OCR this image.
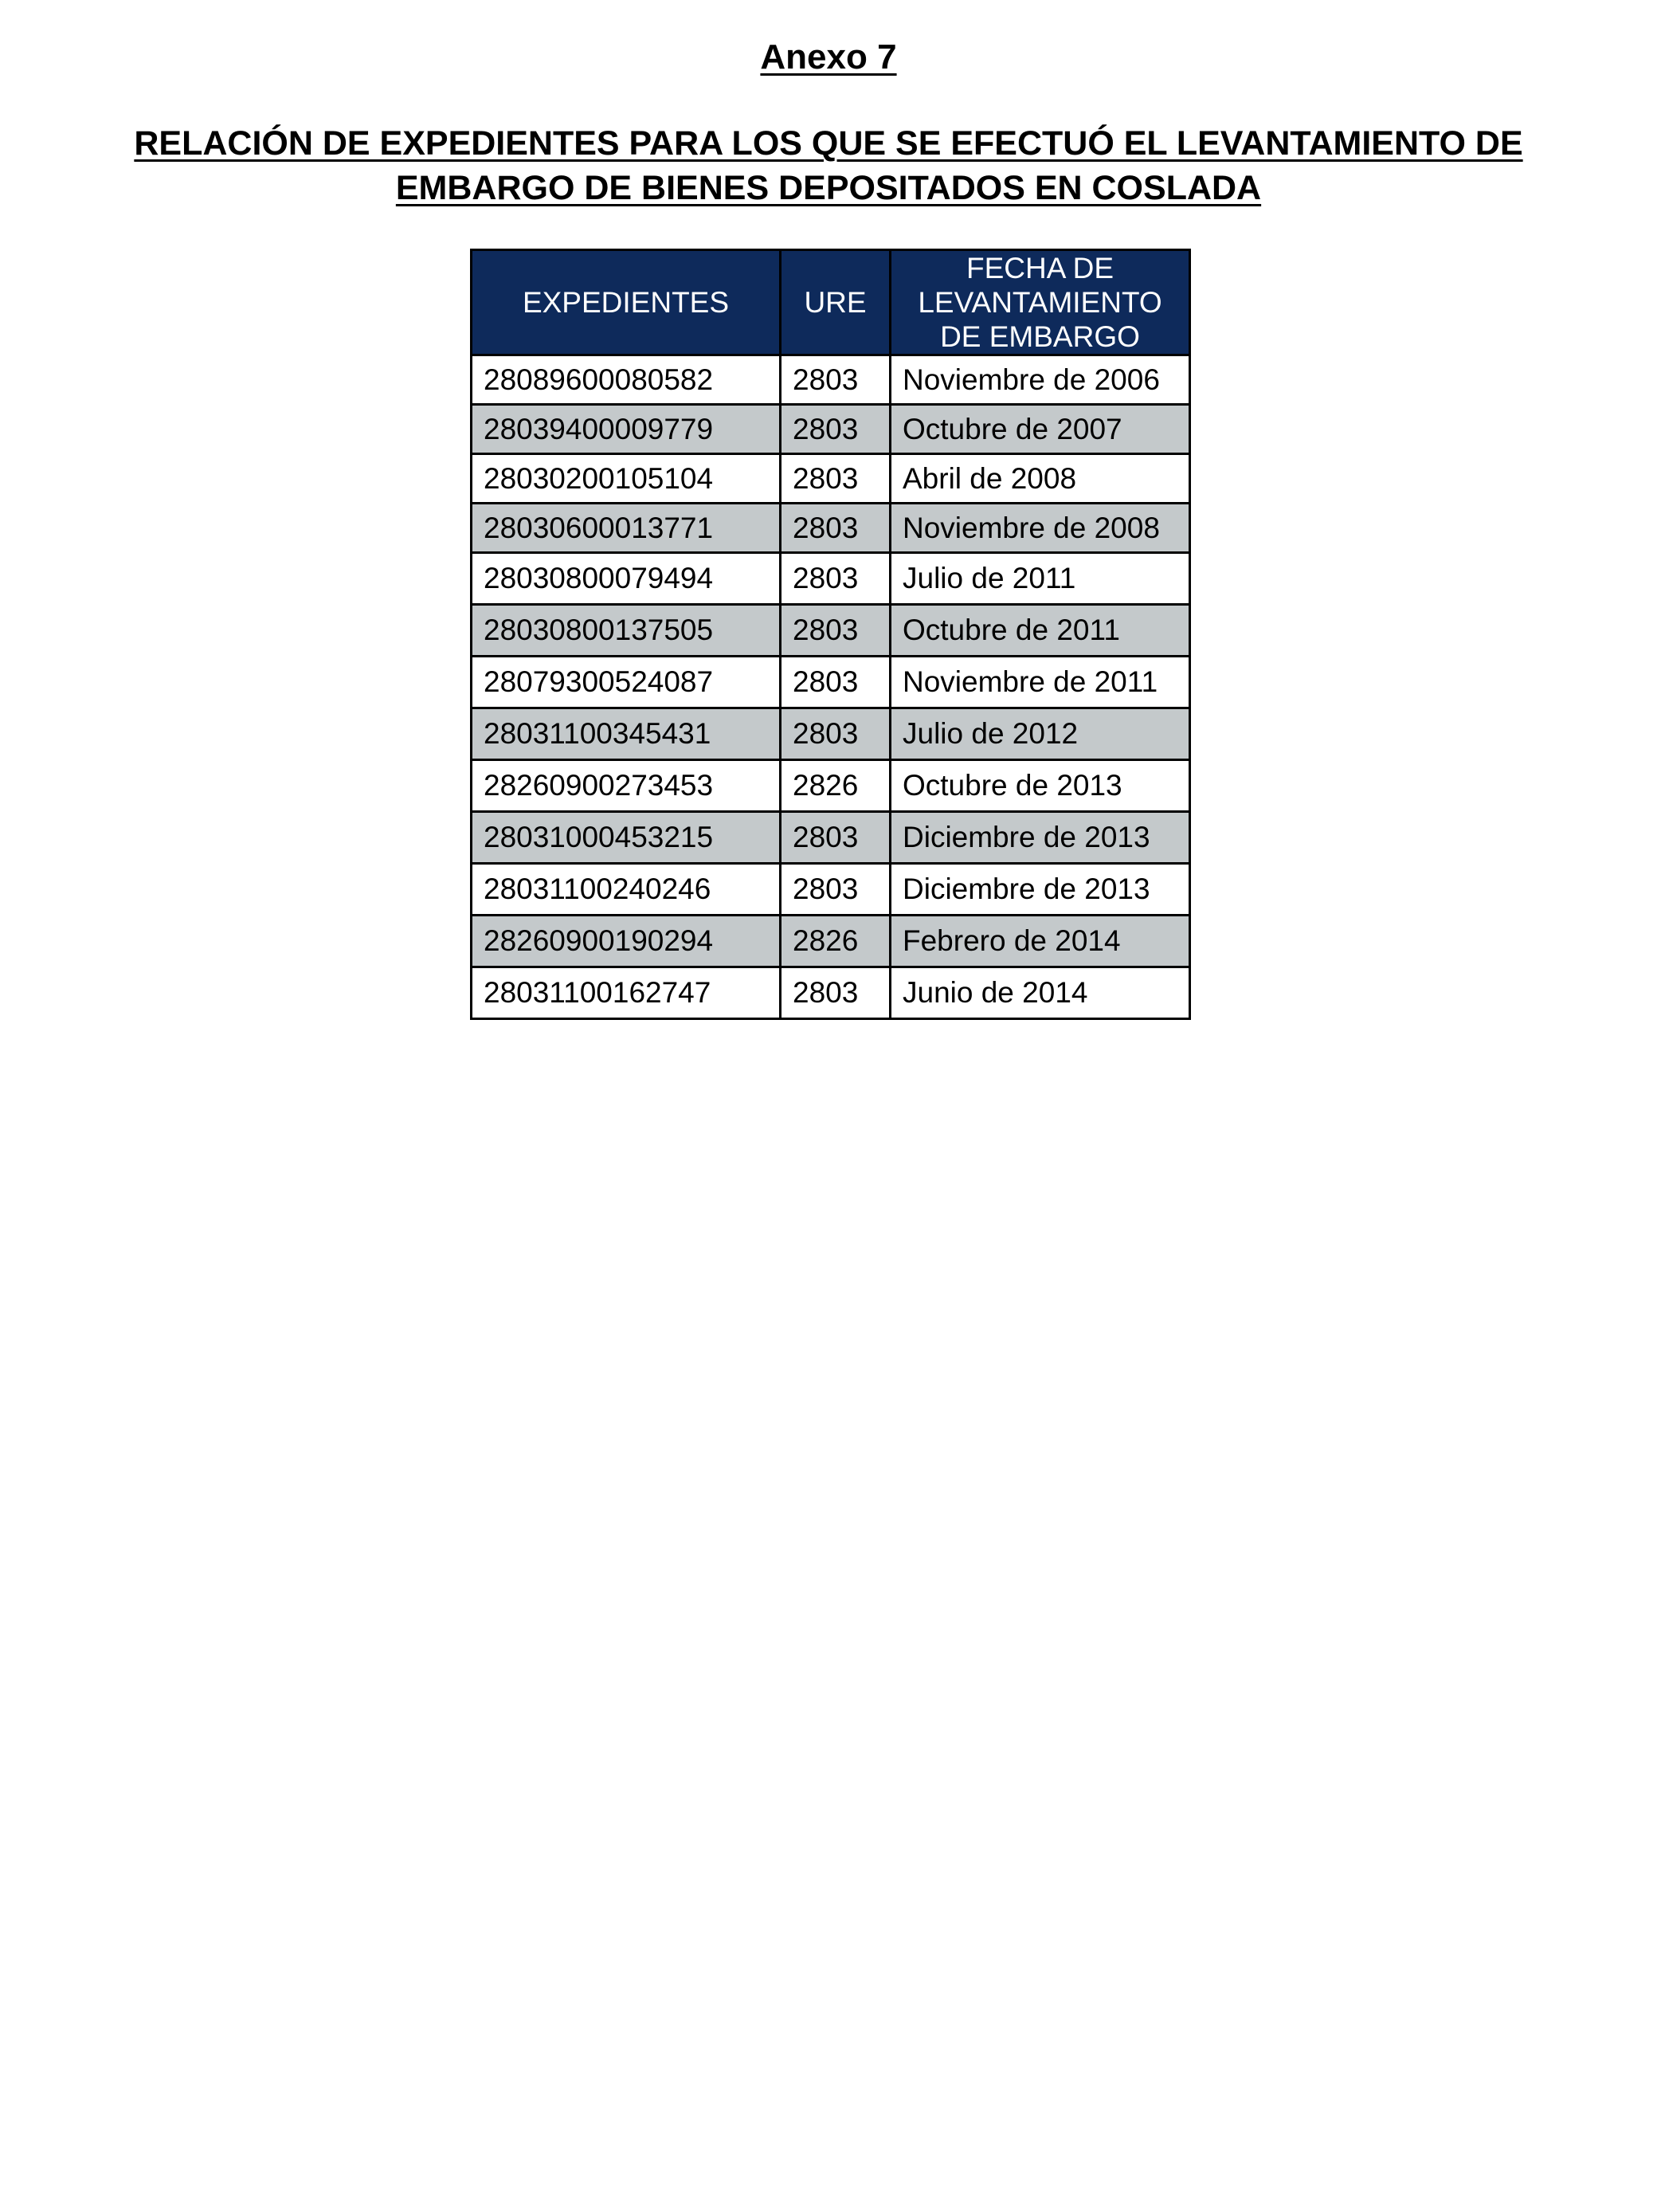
Anexo 7
RELACIÓN DE EXPEDIENTES PARA LOS QUE SE EFECTUÓ EL LEVANTAMIENTO DE
EMBARGO DE BIENES DEPOSITADOS EN COSLADA
EXPEDIENTES	URE	FECHA DE
LEVANTAMIENTO
DE EMBARGO

28089600080582	2803	Noviembre de 2006
28039400009779	2803	Octubre de 2007
28030200105104	2803	Abril de 2008
28030600013771	2803	Noviembre de 2008
28030800079494	2803	Julio de 2011
28030800137505	2803	Octubre de 2011
28079300524087	2803	Noviembre de 2011
28031100345431	2803	Julio de 2012
28260900273453	2826	Octubre de 2013
28031000453215	2803	Diciembre de 2013
28031100240246	2803	Diciembre de 2013
28260900190294	2826	Febrero de 2014
28031100162747	2803	Junio de 2014
